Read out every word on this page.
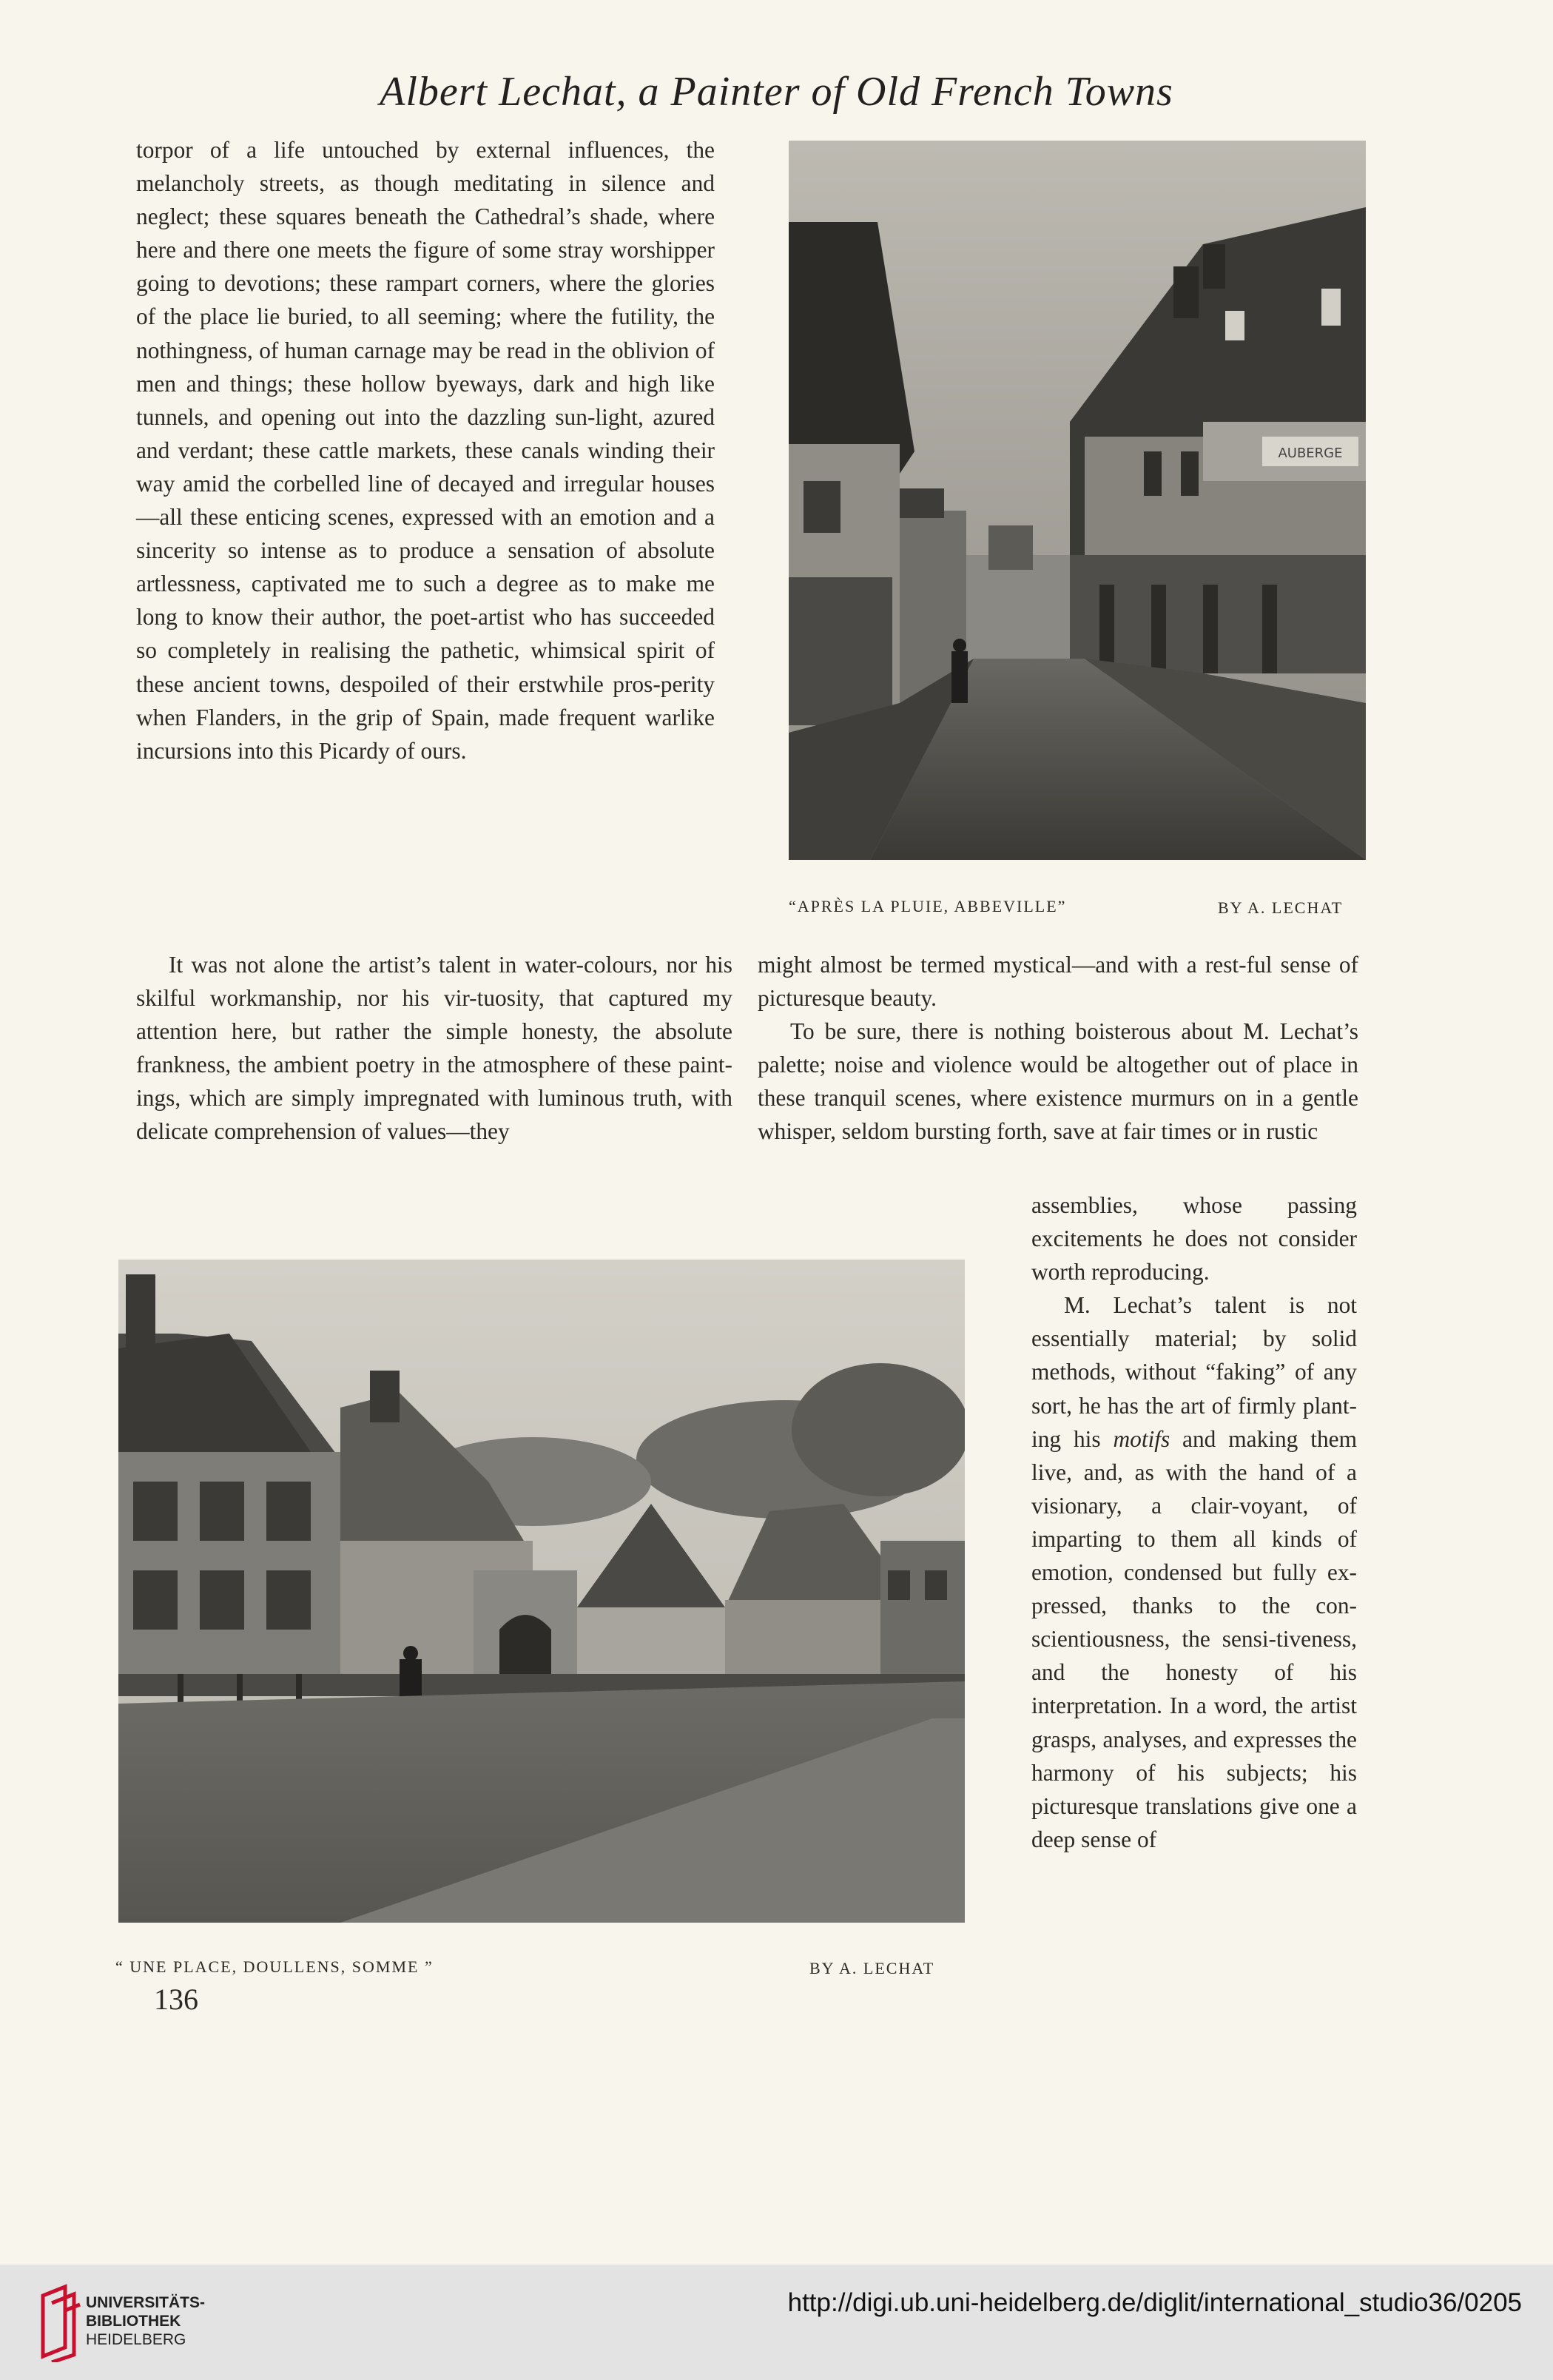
Albert Lechat, a Painter of Old French Towns

torpor of a life untouched by external influences, the melancholy streets, as though meditating in silence and neglect; these squares beneath the Cathedral’s shade, where here and there one meets the figure of some stray worshipper going to devotions; these rampart corners, where the glories of the place lie buried, to all seeming; where the futility, the nothingness, of human carnage may be read in the oblivion of men and things; these hollow byeways, dark and high like tunnels, and opening out into the dazzling sun-light, azured and verdant; these cattle markets, these canals winding their way amid the corbelled line of decayed and irregular houses—all these enticing scenes, expressed with an emotion and a sincerity so intense as to produce a sensation of absolute artlessness, captivated me to such a degree as to make me long to know their author, the poet-artist who has succeeded so completely in realising the pathetic, whimsical spirit of these ancient towns, despoiled of their erstwhile pros-perity when Flanders, in the grip of Spain, made frequent warlike incursions into this Picardy of ours.

It was not alone the artist’s talent in water-colours, nor his skilful workmanship, nor his vir-tuosity, that captured my attention here, but rather the simple honesty, the absolute frankness, the ambient poetry in the atmosphere of these paint-ings, which are simply impregnated with luminous truth, with delicate comprehension of values—they

might almost be termed mystical—and with a rest-ful sense of picturesque beauty.

To be sure, there is nothing boisterous about M. Lechat’s palette; noise and violence would be altogether out of place in these tranquil scenes, where existence murmurs on in a gentle whisper, seldom bursting forth, save at fair times or in rustic

assemblies, whose passing excitements he does not consider worth reproducing.

M. Lechat’s talent is not essentially material; by solid methods, without “faking” of any sort, he has the art of firmly plant-ing his motifs and making them live, and, as with the hand of a visionary, a clair-voyant, of imparting to them all kinds of emotion, condensed but fully ex-pressed, thanks to the con-scientiousness, the sensi-tiveness, and the honesty of his interpretation. In a word, the artist grasps, analyses, and expresses the harmony of his subjects; his picturesque translations give one a deep sense of

AUBERGE
“APRÈS LA PLUIE, ABBEVILLE”	BY A. LECHAT
“ UNE PLACE, DOULLENS, SOMME ”	BY A. LECHAT
136
UNIVERSITÄTS-
BIBLIOTHEK
HEIDELBERG
http://digi.ub.uni-heidelberg.de/diglit/international_studio36/0205
